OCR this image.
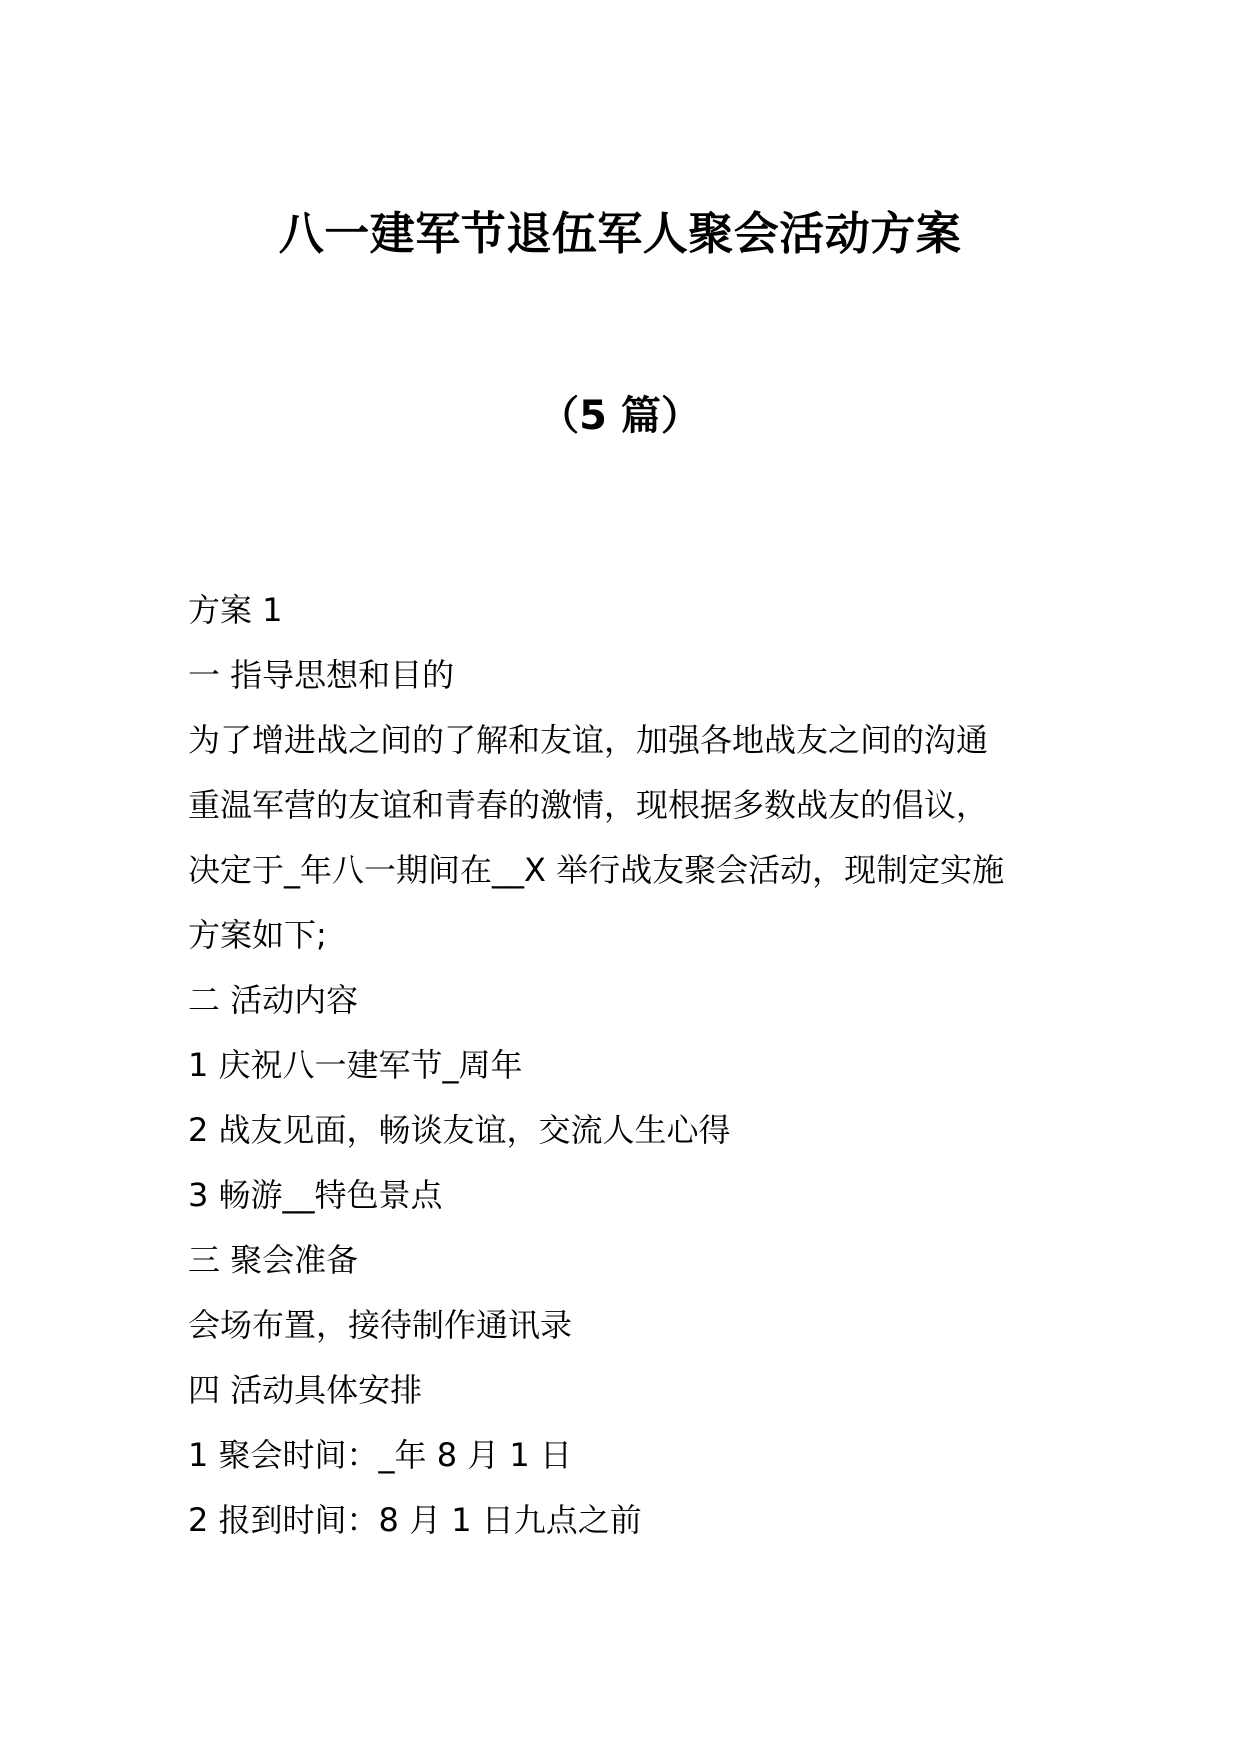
八一建军节退伍军人聚会活动方案
（5 篇）
方案 1
一 指导思想和目的
为了增进战之间的了解和友谊，加强各地战友之间的沟通
重温军营的友谊和青春的激情，现根据多数战友的倡议，
决定于_年八一期间在__X 举行战友聚会活动，现制定实施
方案如下;
二 活动内容
1 庆祝八一建军节_周年
2 战友见面，畅谈友谊，交流人生心得
3 畅游__特色景点
三 聚会准备
会场布置，接待制作通讯录
四 活动具体安排
1 聚会时间：_年 8 月 1 日
2 报到时间：8 月 1 日九点之前
